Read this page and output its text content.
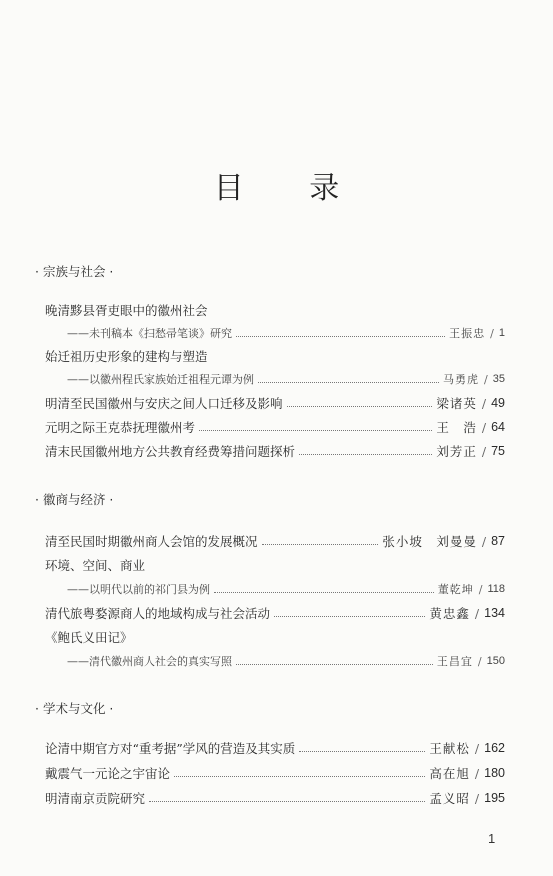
目 录
· 宗族与社会 ·
晚清黟县胥吏眼中的徽州社会
——未刊稿本《扫愁帚笔谈》研究	王振忠 / 1
始迁祖历史形象的建构与塑造
——以徽州程氏家族始迁祖程元谭为例	马勇虎 / 35
明清至民国徽州与安庆之间人口迁移及影响	梁诸英 / 49
元明之际王克恭抚理徽州考	王　浩 / 64
清末民国徽州地方公共教育经费筹措问题探析	刘芳正 / 75
· 徽商与经济 ·
清至民国时期徽州商人会馆的发展概况	张小坡　刘曼曼 / 87
环境、空间、商业
——以明代以前的祁门县为例	董乾坤 / 118
清代旅粤婺源商人的地域构成与社会活动	黄忠鑫 / 134
《鲍氏义田记》
——清代徽州商人社会的真实写照	王昌宜 / 150
· 学术与文化 ·
论清中期官方对“重考据”学风的营造及其实质	王献松 / 162
戴震气一元论之宇宙论	高在旭 / 180
明清南京贡院研究	孟义昭 / 195
1
